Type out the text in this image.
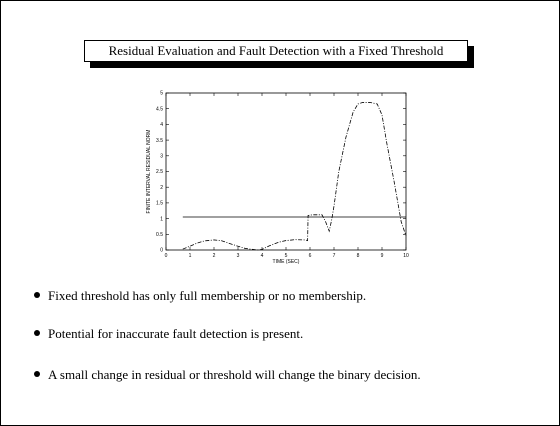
Residual Evaluation and Fault Detection with a Fixed Threshold
0	1	2	3	4	5	6	7	8	9	10
0
0.5
1
1.5
2
2.5
3
3.5
4
4.5
5
TIME (SEC)
FINITE INTERVAL RESIDUAL NORM
Fixed threshold has only full membership or no membership.
Potential for inaccurate fault detection is present.
A small change in residual or threshold will change the binary decision.
